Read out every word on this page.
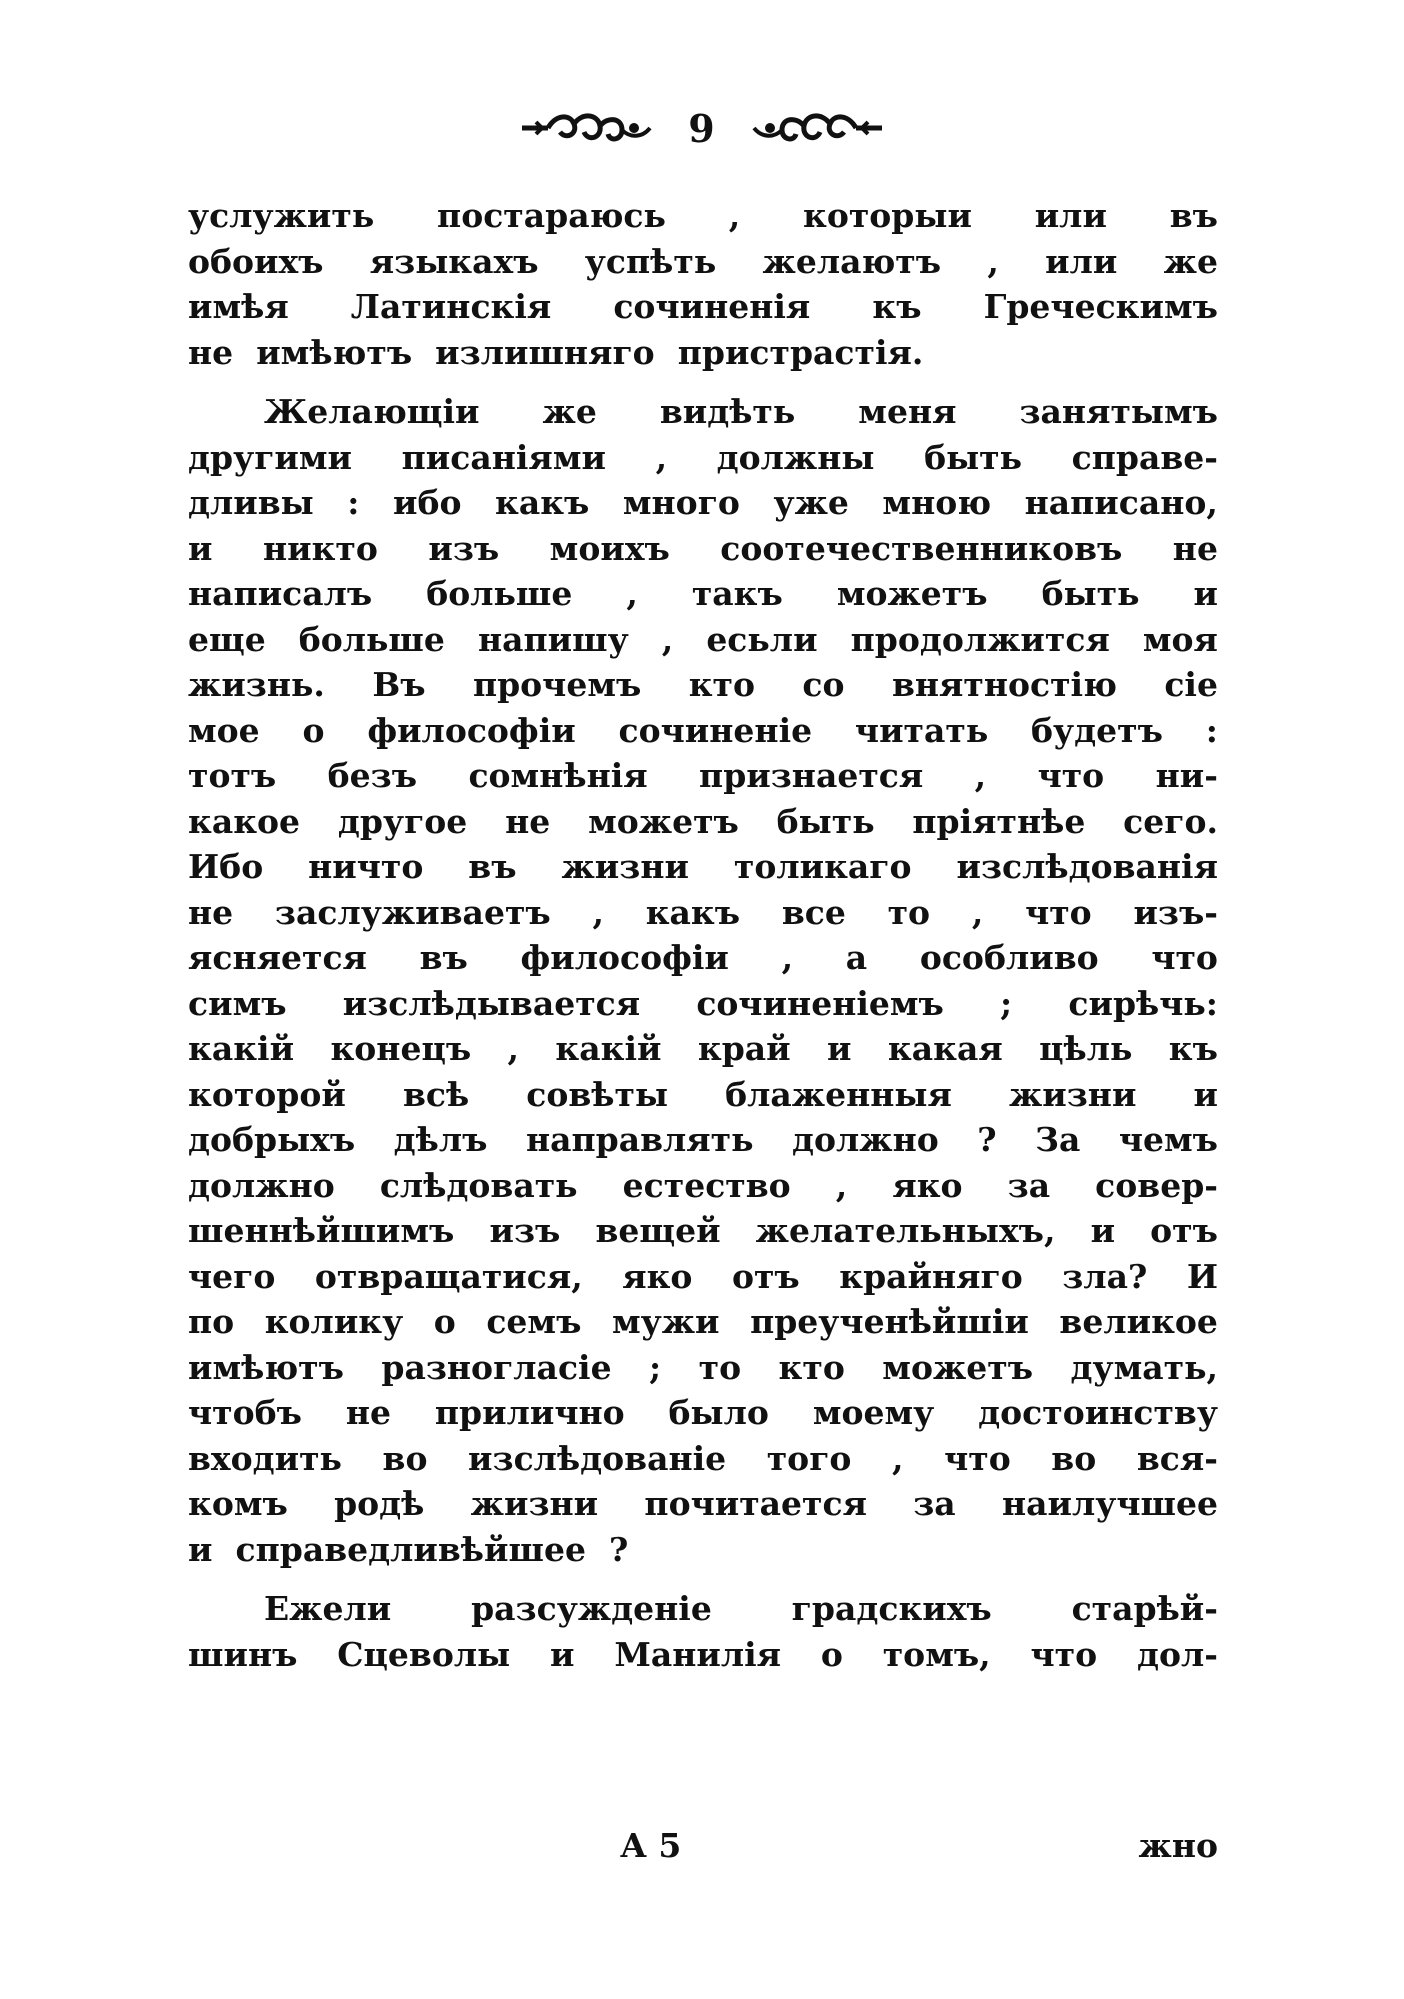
9
услужить постараюсь , которыи или въ
обоихъ языкахъ успѣть желаютъ , или же
имѣя Латинскія сочиненія къ Греческимъ
не имѣютъ излишняго пристрастія.
Желающіи же видѣть меня занятымъ
другими писаніями , должны быть справе-
дливы : ибо какъ много уже мною написано,
и никто изъ моихъ соотечественниковъ не
написалъ больше , такъ можетъ быть и
еще больше напишу , есьли продолжится моя
жизнь. Въ прочемъ кто со внятностію сіе
мое о философіи сочиненіе читать будетъ :
тотъ безъ сомнѣнія признается , что ни-
какое другое не можетъ быть пріятнѣе сего.
Ибо ничто въ жизни толикаго изслѣдованія
не заслуживаетъ , какъ все то , что изъ-
ясняется въ философіи , а особливо что
симъ изслѣдывается сочиненіемъ ; сирѣчь:
какій конецъ , какій край и какая цѣль къ
которой всѣ совѣты блаженныя жизни и
добрыхъ дѣлъ направлять должно ? За чемъ
должно слѣдовать естество , яко за совер-
шеннѣйшимъ изъ вещей желательныхъ, и отъ
чего отвращатися, яко отъ крайняго зла? И
по колику о семъ мужи преученѣйшіи великое
имѣютъ разногласіе ; то кто можетъ думать,
чтобъ не прилично было моему достоинству
входить во изслѣдованіе того , что во вся-
комъ родѣ жизни почитается за наилучшее
и справедливѣйшее ?
Ежели разсужденіе градскихъ старѣй-
шинъ Сцеволы и Манилія о томъ, что дол-
А 5	жно
